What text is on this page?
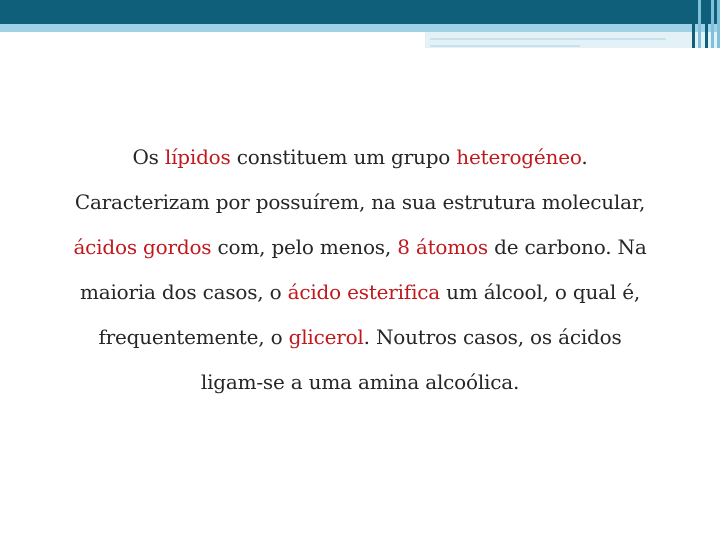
Os lípidos constituem um grupo heterogéneo.
Caracterizam por possuírem, na sua estrutura molecular,
ácidos gordos com, pelo menos, 8 átomos de carbono. Na
maioria dos casos, o ácido esterifica um álcool, o qual é,
frequentemente, o glicerol. Noutros casos, os ácidos
ligam-se a uma amina alcoólica.
